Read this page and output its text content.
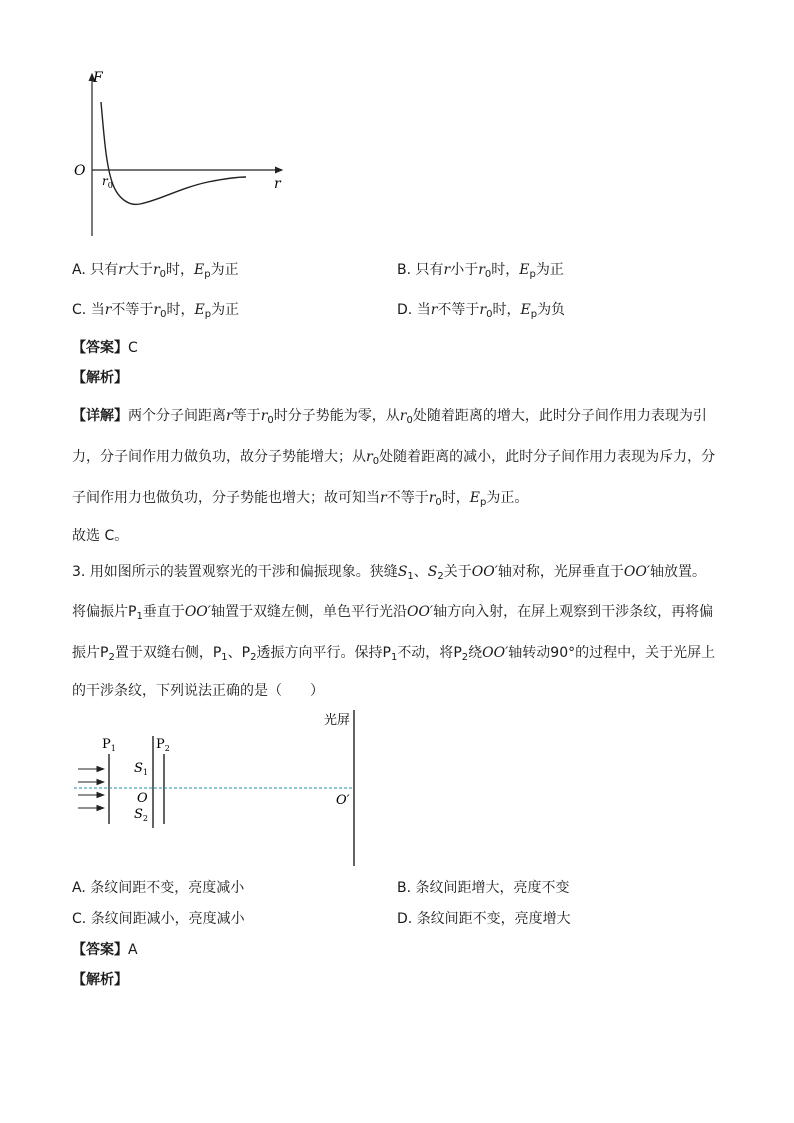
F
O
$r_0$	r
A. 只有r大于$r_0$时，$E_p$为正	B. 只有r小于$r_0$时，$E_p$为正
C. 当r不等于$r_0$时，$E_p$为正	D. 当r不等于$r_0$时，$E_p$为负
【答案】C
【解析】
【详解】两个分子间距离r等于$r_0$时分子势能为零，从$r_0$处随着距离的增大，此时分子间作用力表现为引
力，分子间作用力做负功，故分子势能增大；从$r_0$处随着距离的减小，此时分子间作用力表现为斥力，分
子间作用力也做负功，分子势能也增大；故可知当r不等于$r_0$时，$E_p$为正。
故选 C。
3. 用如图所示的装置观察光的干涉和偏振现象。狭缝$S_1$、$S_2$关于OO′轴对称，光屏垂直于OO′轴放置。
将偏振片$P_1$垂直于OO′轴置于双缝左侧，单色平行光沿OO′轴方向入射，在屏上观察到干涉条纹，再将偏
振片$P_2$置于双缝右侧，$P_1$、$P_2$透振方向平行。保持$P_1$不动，将$P_2$绕OO′轴转动90°的过程中，关于光屏上
的干涉条纹，下列说法正确的是（　　）
光屏
$P_1$	$P_2$
$S_1$
O
$S_2$
O′
A. 条纹间距不变，亮度减小	B. 条纹间距增大，亮度不变
C. 条纹间距减小，亮度减小	D. 条纹间距不变，亮度增大
【答案】A
【解析】
